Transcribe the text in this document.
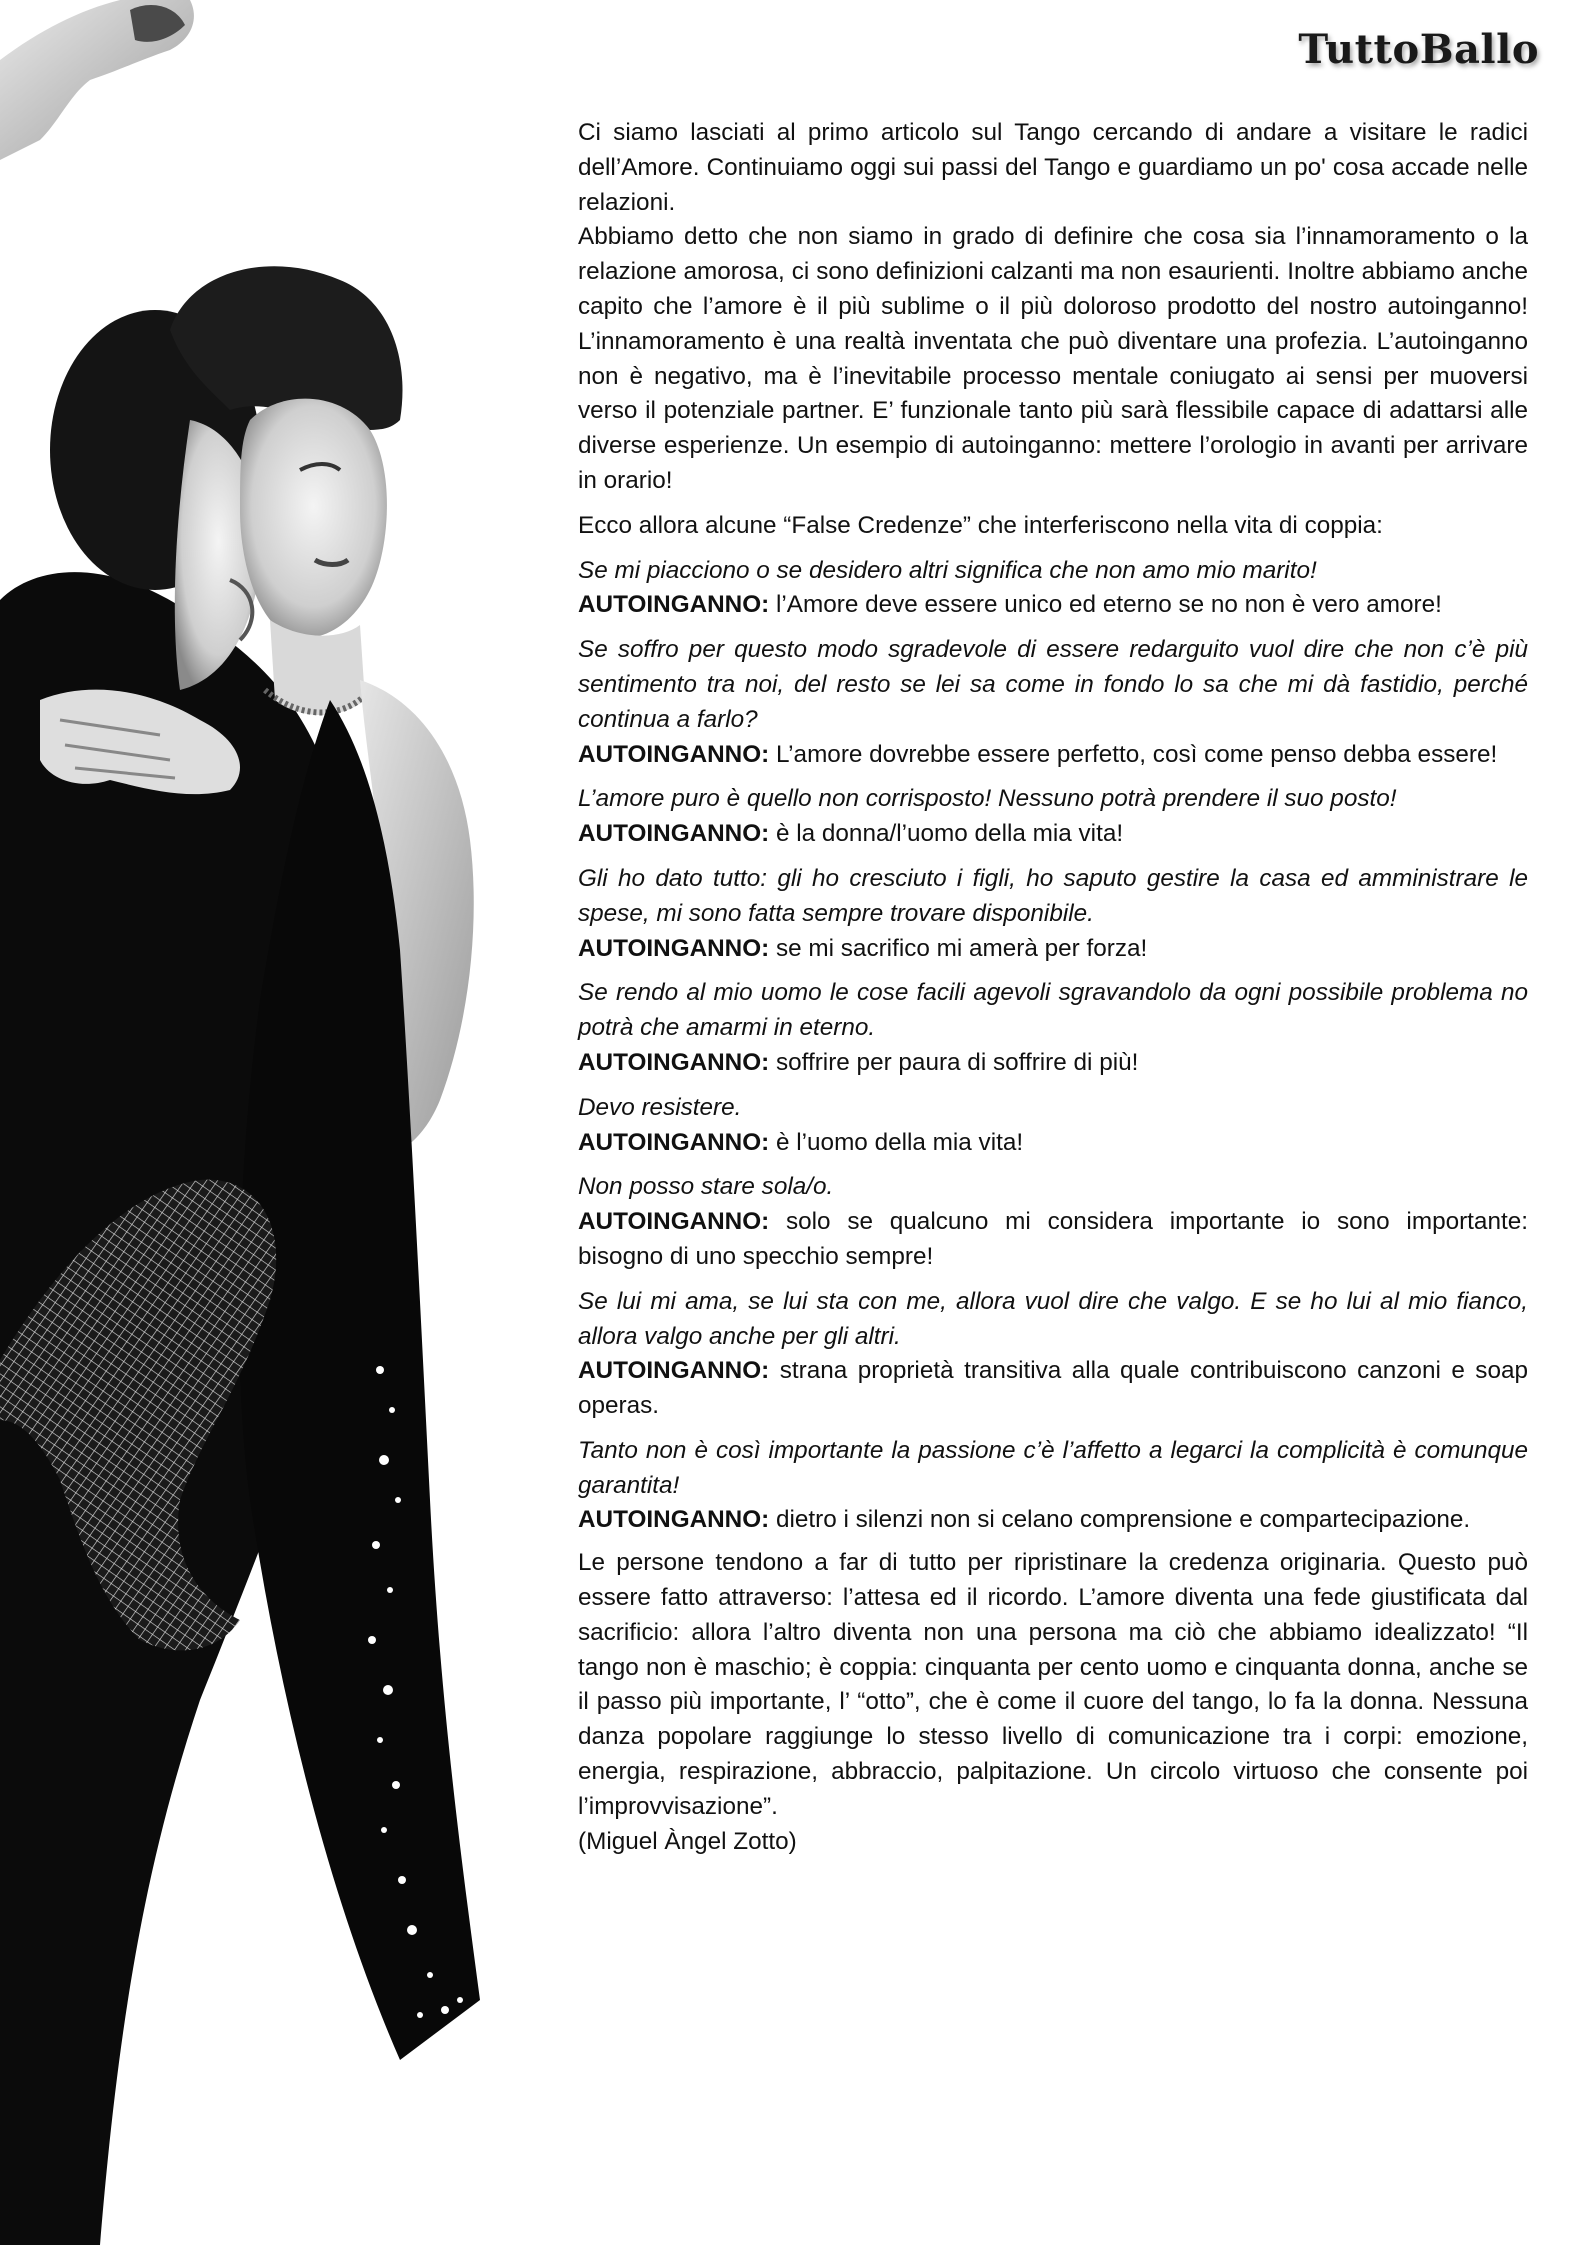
TuttoBallo

Ci siamo lasciati al primo articolo sul Tango cercando di andare a visitare le radici dell’Amore. Continuiamo oggi sui passi del Tango e guardiamo un po' cosa accade nelle relazioni.
Abbiamo detto che non siamo in grado di definire che cosa sia l’innamoramento o la relazione amorosa, ci sono definizioni calzanti ma non esaurienti. Inoltre abbiamo anche capito che l’amore è il più sublime o il più doloroso prodotto del nostro autoinganno! L’innamoramento è una realtà inventata che può diventare una profezia. L’autoinganno non è negativo, ma è l’inevitabile processo mentale coniugato ai sensi per muoversi verso il potenziale partner. E’ funzionale tanto più sarà flessibile capace di adattarsi alle diverse esperienze. Un esempio di autoinganno: mettere l’orologio in avanti per arrivare in orario!

Ecco allora alcune “False Credenze” che interferiscono nella vita di coppia:

Se mi piacciono o se desidero altri significa che non amo mio marito!
AUTOINGANNO: l’Amore deve essere unico ed eterno se no non è vero amore!

Se soffro per questo modo sgradevole di essere redarguito vuol dire che non c’è più sentimento tra noi, del resto se lei sa come in fondo lo sa che mi dà fastidio, perché continua a farlo?
AUTOINGANNO: L’amore dovrebbe essere perfetto, così come penso debba essere!

L’amore puro è quello non corrisposto! Nessuno potrà prendere il suo posto!
AUTOINGANNO: è la donna/l’uomo della mia vita!

Gli ho dato tutto: gli ho cresciuto i figli, ho saputo gestire la casa ed amministrare le spese, mi sono fatta sempre trovare disponibile.
AUTOINGANNO: se mi sacrifico mi amerà per forza!

Se rendo al mio uomo le cose facili agevoli sgravandolo da ogni possibile problema no potrà che amarmi in eterno.
AUTOINGANNO: soffrire per paura di soffrire di più!

Devo resistere.
AUTOINGANNO: è l’uomo della mia vita!

Non posso stare sola/o.
AUTOINGANNO: solo se qualcuno mi considera importante io sono importante: bisogno di uno specchio sempre!

Se lui mi ama, se lui sta con me, allora vuol dire che valgo. E se ho lui al mio fianco, allora valgo anche per gli altri.
AUTOINGANNO: strana proprietà transitiva alla quale contribuiscono canzoni e soap operas.

Tanto non è così importante la passione c’è l’affetto a legarci la complicità è comunque garantita!
AUTOINGANNO: dietro i silenzi non si celano comprensione e compartecipazione.

Le persone tendono a far di tutto per ripristinare la credenza originaria. Questo può essere fatto attraverso: l’attesa ed il ricordo. L’amore diventa una fede giustificata dal sacrificio: allora l’altro diventa non una persona ma ciò che abbiamo idealizzato! “Il tango non è maschio; è coppia: cinquanta per cento uomo e cinquanta donna, anche se il passo più importante, l’ “otto”, che è come il cuore del tango, lo fa la donna. Nessuna danza popolare raggiunge lo stesso livello di comunicazione tra i corpi: emozione, energia, respirazione, abbraccio, palpitazione. Un circolo virtuoso che consente poi l’improvvisazione”.
(Miguel Àngel Zotto)
